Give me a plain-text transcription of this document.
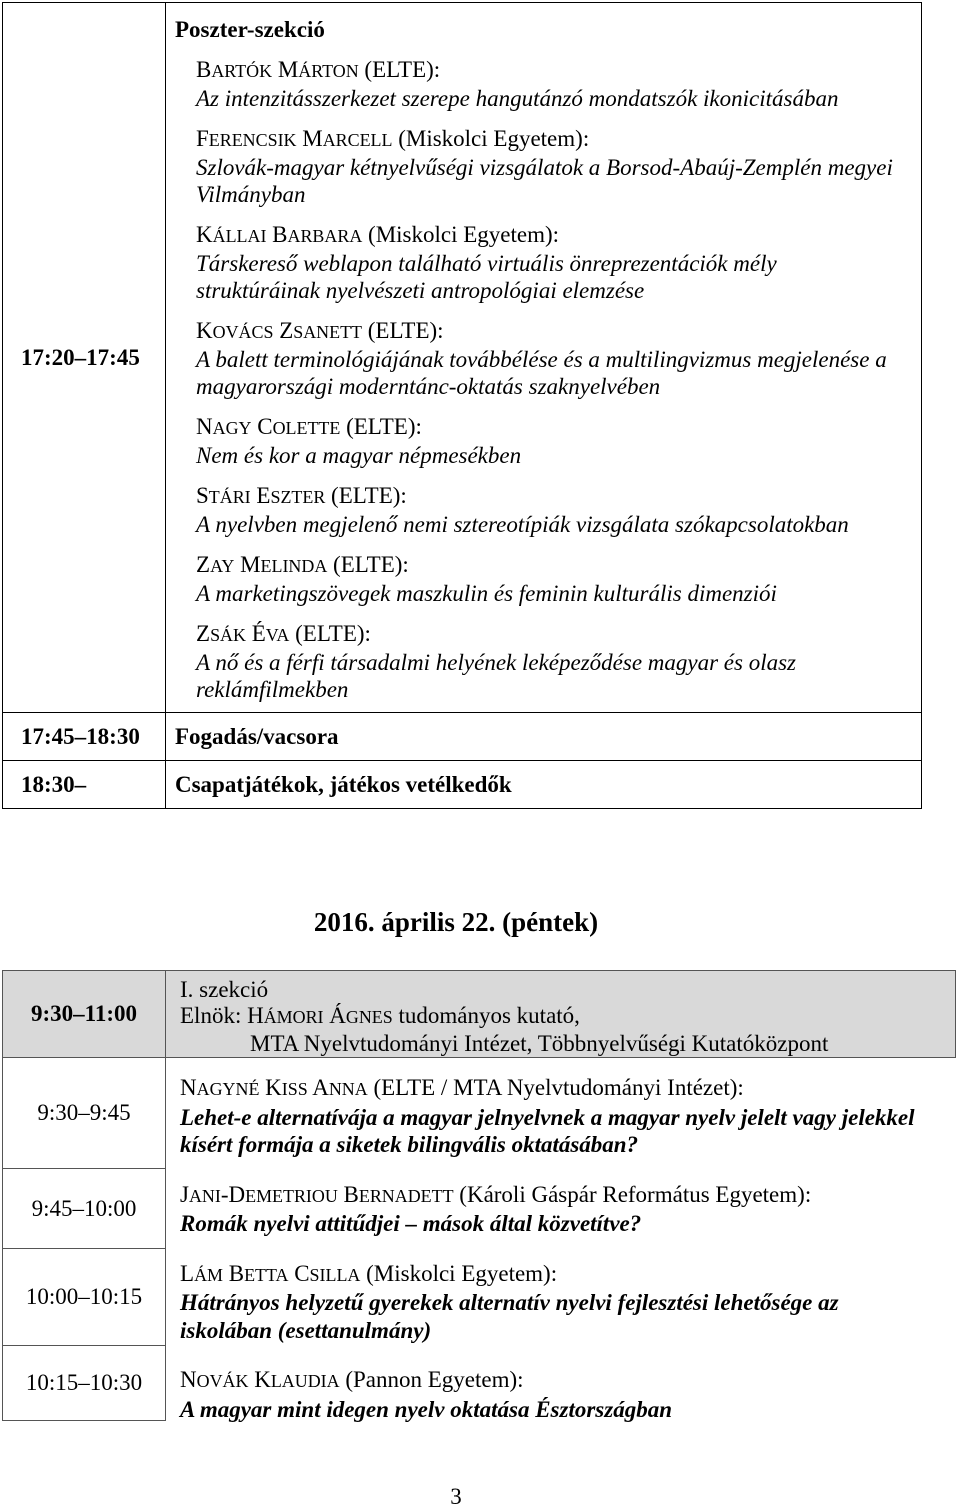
17:20–17:45
Poszter-szekció
BARTÓK MÁRTON (ELTE):
Az intenzitásszerkezet szerepe hangutánzó mondatszók ikonicitásában
FERENCSIK MARCELL (Miskolci Egyetem):
Szlovák-magyar kétnyelvűségi vizsgálatok a Borsod-Abaúj-Zemplén megyei
Vilmányban
KÁLLAI BARBARA (Miskolci Egyetem):
Társkereső weblapon található virtuális önreprezentációk mély
struktúráinak nyelvészeti antropológiai elemzése
KOVÁCS ZSANETT (ELTE):
A balett terminológiájának továbbélése és a multilingvizmus megjelenése a
magyarországi moderntánc-oktatás szaknyelvében
NAGY COLETTE (ELTE):
Nem és kor a magyar népmesékben
STÁRI ESZTER (ELTE):
A nyelvben megjelenő nemi sztereotípiák vizsgálata szókapcsolatokban
ZAY MELINDA (ELTE):
A marketingszövegek maszkulin és feminin kulturális dimenziói
ZSÁK ÉVA (ELTE):
A nő és a férfi társadalmi helyének leképeződése magyar és olasz
reklámfilmekben
17:45–18:30 Fogadás/vacsora
18:30–	Csapatjátékok, játékos vetélkedők
2016. április 22. (péntek)
9:30–11:00
I. szekció
Elnök: HÁMORI ÁGNES tudományos kutató,
MTA Nyelvtudományi Intézet, Többnyelvűségi Kutatóközpont
9:30–9:45
9:45–10:00
10:00–10:15
10:15–10:30
NAGYNÉ KISS ANNA (ELTE / MTA Nyelvtudományi Intézet):
Lehet-e alternatívája a magyar jelnyelvnek a magyar nyelv jelelt vagy jelekkel
kísért formája a siketek bilingvális oktatásában?
JANI-DEMETRIOU BERNADETT (Károli Gáspár Református Egyetem):
Romák nyelvi attitűdjei – mások által közvetítve?
LÁM BETTA CSILLA (Miskolci Egyetem):
Hátrányos helyzetű gyerekek alternatív nyelvi fejlesztési lehetősége az
iskolában (esettanulmány)
NOVÁK KLAUDIA (Pannon Egyetem):
A magyar mint idegen nyelv oktatása Észtországban
3
